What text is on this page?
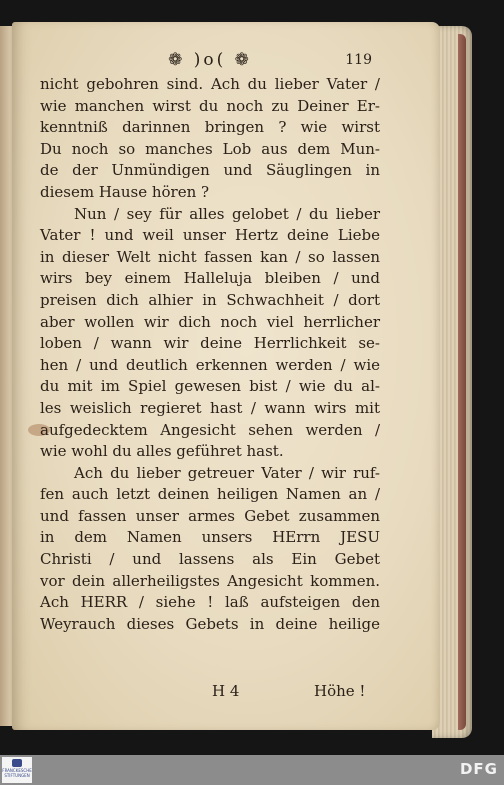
❁ )o( ❁	119

nicht gebohren sind. Ach du lieber Vater /
wie manchen wirst du noch zu Deiner Er-
kenntniß darinnen bringen ? wie wirst
Du noch so manches Lob aus dem Mun-
de der Unmündigen und Säuglingen in
diesem Hause hören ?

Nun / sey für alles gelobet / du lieber
Vater ! und weil unser Hertz deine Liebe
in dieser Welt nicht fassen kan / so lassen
wirs bey einem Halleluja bleiben / und
preisen dich alhier in Schwachheit / dort
aber wollen wir dich noch viel herrlicher
loben / wann wir deine Herrlichkeit se-
hen / und deutlich erkennen werden / wie
du mit im Spiel gewesen bist / wie du al-
les weislich regieret hast / wann wirs mit
aufgedecktem Angesicht sehen werden /
wie wohl du alles geführet hast.

Ach du lieber getreuer Vater / wir ruf-
fen auch letzt deinen heiligen Namen an /
und fassen unser armes Gebet zusammen
in dem Namen unsers HErrn JESU
Christi / und lassens als Ein Gebet
vor dein allerheiligstes Angesicht kommen.
Ach HERR / siehe ! laß aufsteigen den
Weyrauch dieses Gebets in deine heilige

H 4	Höhe !
FRANCKESCHE STIFTUNGEN	DFG
